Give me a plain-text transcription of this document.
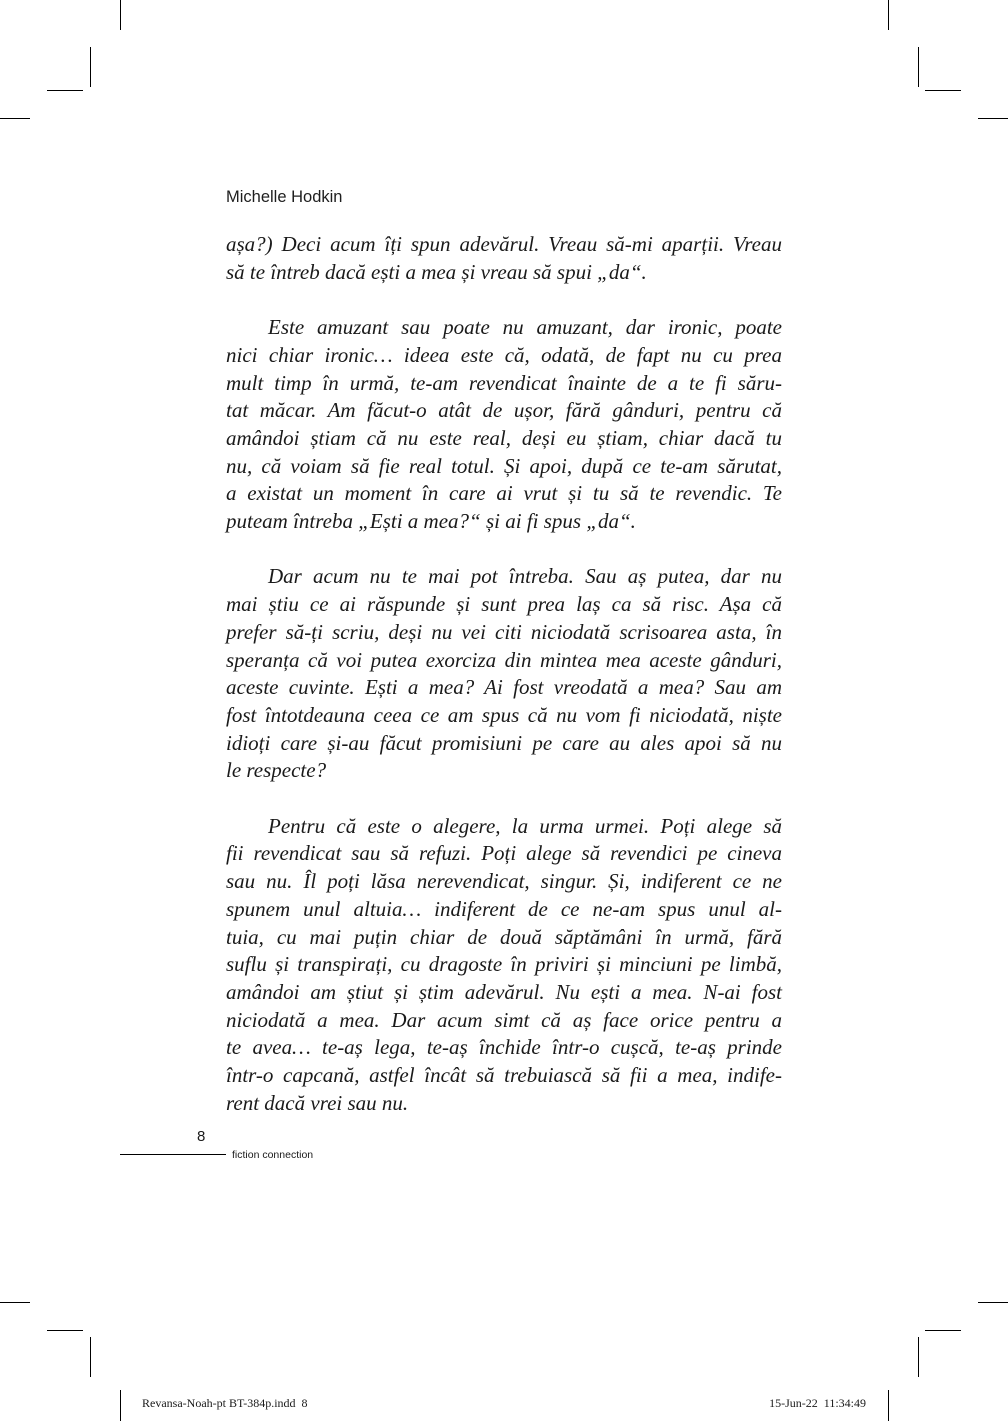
Michelle Hodkin

așa?) Deci acum îți spun adevărul. Vreau să-mi aparții. Vreau
să te întreb dacă ești a mea și vreau să spui „da“.

Este amuzant sau poate nu amuzant, dar ironic, poate
nici chiar ironic… ideea este că, odată, de fapt nu cu prea
mult timp în urmă, te-am revendicat înainte de a te fi săru-
tat măcar. Am făcut-o atât de ușor, fără gânduri, pentru că
amândoi știam că nu este real, deși eu știam, chiar dacă tu
nu, că voiam să fie real totul. Și apoi, după ce te-am sărutat,
a existat un moment în care ai vrut și tu să te revendic. Te
puteam întreba „Ești a mea?“ și ai fi spus „da“.

Dar acum nu te mai pot întreba. Sau aș putea, dar nu
mai știu ce ai răspunde și sunt prea laș ca să risc. Așa că
prefer să-ți scriu, deși nu vei citi niciodată scrisoarea asta, în
speranța că voi putea exorciza din mintea mea aceste gânduri,
aceste cuvinte. Ești a mea? Ai fost vreodată a mea? Sau am
fost întotdeauna ceea ce am spus că nu vom fi niciodată, niște
idioți care și-au făcut promisiuni pe care au ales apoi să nu
le respecte?

Pentru că este o alegere, la urma urmei. Poți alege să
fii revendicat sau să refuzi. Poți alege să revendici pe cineva
sau nu. Îl poți lăsa nerevendicat, singur. Și, indiferent ce ne
spunem unul altuia… indiferent de ce ne-am spus unul al-
tuia, cu mai puțin chiar de două săptămâni în urmă, fără
suflu și transpirați, cu dragoste în priviri și minciuni pe limbă,
amândoi am știut și știm adevărul. Nu ești a mea. N-ai fost
niciodată a mea. Dar acum simt că aș face orice pentru a
te avea… te-aș lega, te-aș închide într-o cușcă, te-aș prinde
într-o capcană, astfel încât să trebuiască să fii a mea, indife-
rent dacă vrei sau nu.

8
fiction connection
Revansa-Noah-pt BT-384p.indd 8	15-Jun-22 11:34:49
